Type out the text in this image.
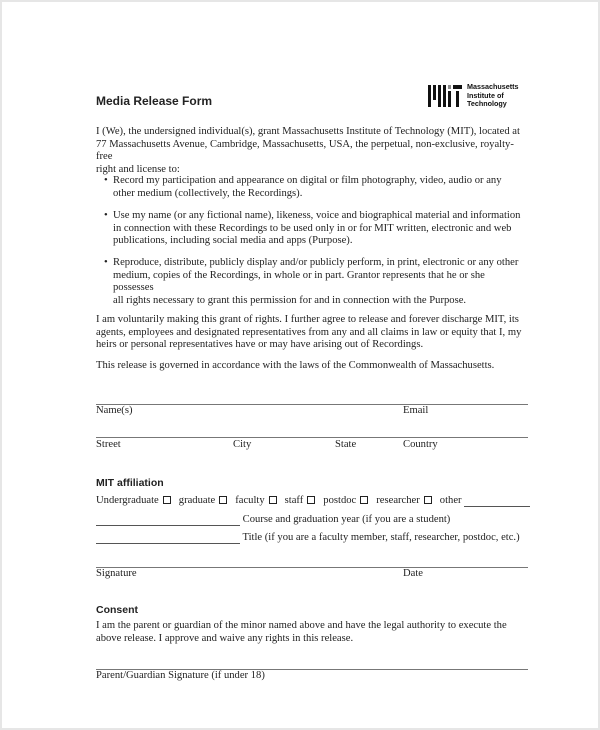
Media Release Form
Massachusetts
Institute of
Technology
I (We), the undersigned individual(s), grant Massachusetts Institute of Technology (MIT), located at
77 Massachusetts Avenue, Cambridge, Massachusetts, USA, the perpetual, non-exclusive, royalty-free
right and license to:
• Record my participation and appearance on digital or film photography, video, audio or any
other medium (collectively, the Recordings).
• Use my name (or any fictional name), likeness, voice and biographical material and information
in connection with these Recordings to be used only in or for MIT written, electronic and web
publications, including social media and apps (Purpose).
• Reproduce, distribute, publicly display and/or publicly perform, in print, electronic or any other
medium, copies of the Recordings, in whole or in part. Grantor represents that he or she possesses
all rights necessary to grant this permission for and in connection with the Purpose.
I am voluntarily making this grant of rights. I further agree to release and forever discharge MIT, its
agents, employees and designated representatives from any and all claims in law or equity that I, my
heirs or personal representatives have or may have arising out of Recordings.
This release is governed in accordance with the laws of the Commonwealth of Massachusetts.
Name(s)	Email
Street	City	State	Country
MIT affiliation
Undergraduate graduate faculty staff postdoc researcher other
Course and graduation year (if you are a student)
Title (if you are a faculty member, staff, researcher, postdoc, etc.)
Signature	Date
Consent
I am the parent or guardian of the minor named above and have the legal authority to execute the
above release. I approve and waive any rights in this release.
Parent/Guardian Signature (if under 18)
